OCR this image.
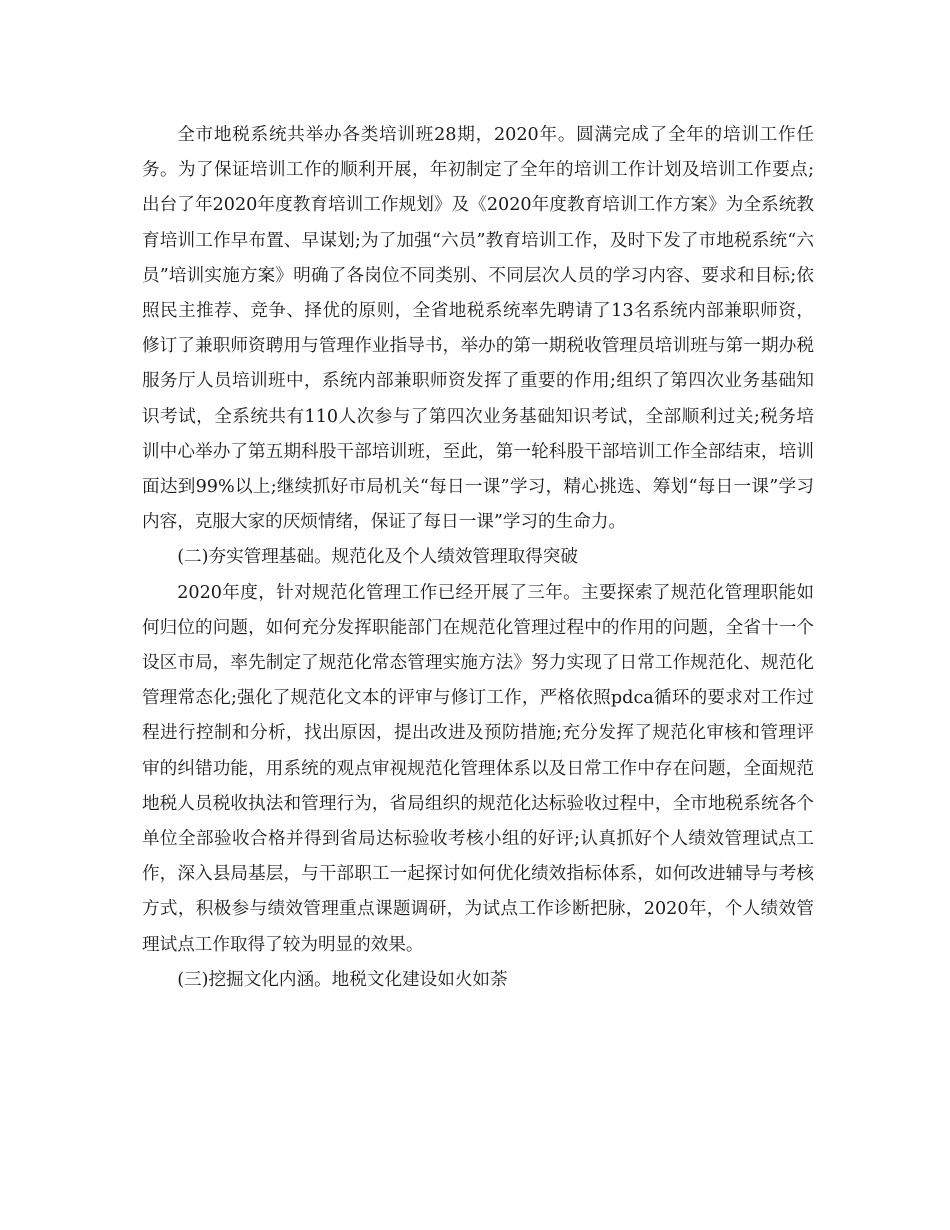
全市地税系统共举办各类培训班28期，2020年。圆满完成了全年的培训工作任务。为了保证培训工作的顺利开展，年初制定了全年的培训工作计划及培训工作要点;出台了年2020年度教育培训工作规划》及《2020年度教育培训工作方案》为全系统教育培训工作早布置、早谋划;为了加强“六员”教育培训工作，及时下发了市地税系统“六员”培训实施方案》明确了各岗位不同类别、不同层次人员的学习内容、要求和目标;依照民主推荐、竞争、择优的原则，全省地税系统率先聘请了13名系统内部兼职师资，修订了兼职师资聘用与管理作业指导书，举办的第一期税收管理员培训班与第一期办税服务厅人员培训班中，系统内部兼职师资发挥了重要的作用;组织了第四次业务基础知识考试，全系统共有110人次参与了第四次业务基础知识考试，全部顺利过关;税务培训中心举办了第五期科股干部培训班，至此，第一轮科股干部培训工作全部结束，培训面达到99%以上;继续抓好市局机关“每日一课”学习，精心挑选、筹划“每日一课”学习内容，克服大家的厌烦情绪，保证了每日一课”学习的生命力。

(二)夯实管理基础。规范化及个人绩效管理取得突破

2020年度，针对规范化管理工作已经开展了三年。主要探索了规范化管理职能如何归位的问题，如何充分发挥职能部门在规范化管理过程中的作用的问题，全省十一个设区市局，率先制定了规范化常态管理实施方法》努力实现了日常工作规范化、规范化管理常态化;强化了规范化文本的评审与修订工作，严格依照pdca循环的要求对工作过程进行控制和分析，找出原因，提出改进及预防措施;充分发挥了规范化审核和管理评审的纠错功能，用系统的观点审视规范化管理体系以及日常工作中存在问题，全面规范地税人员税收执法和管理行为，省局组织的规范化达标验收过程中，全市地税系统各个单位全部验收合格并得到省局达标验收考核小组的好评;认真抓好个人绩效管理试点工作，深入县局基层，与干部职工一起探讨如何优化绩效指标体系，如何改进辅导与考核方式，积极参与绩效管理重点课题调研，为试点工作诊断把脉，2020年，个人绩效管理试点工作取得了较为明显的效果。

(三)挖掘文化内涵。地税文化建设如火如荼
